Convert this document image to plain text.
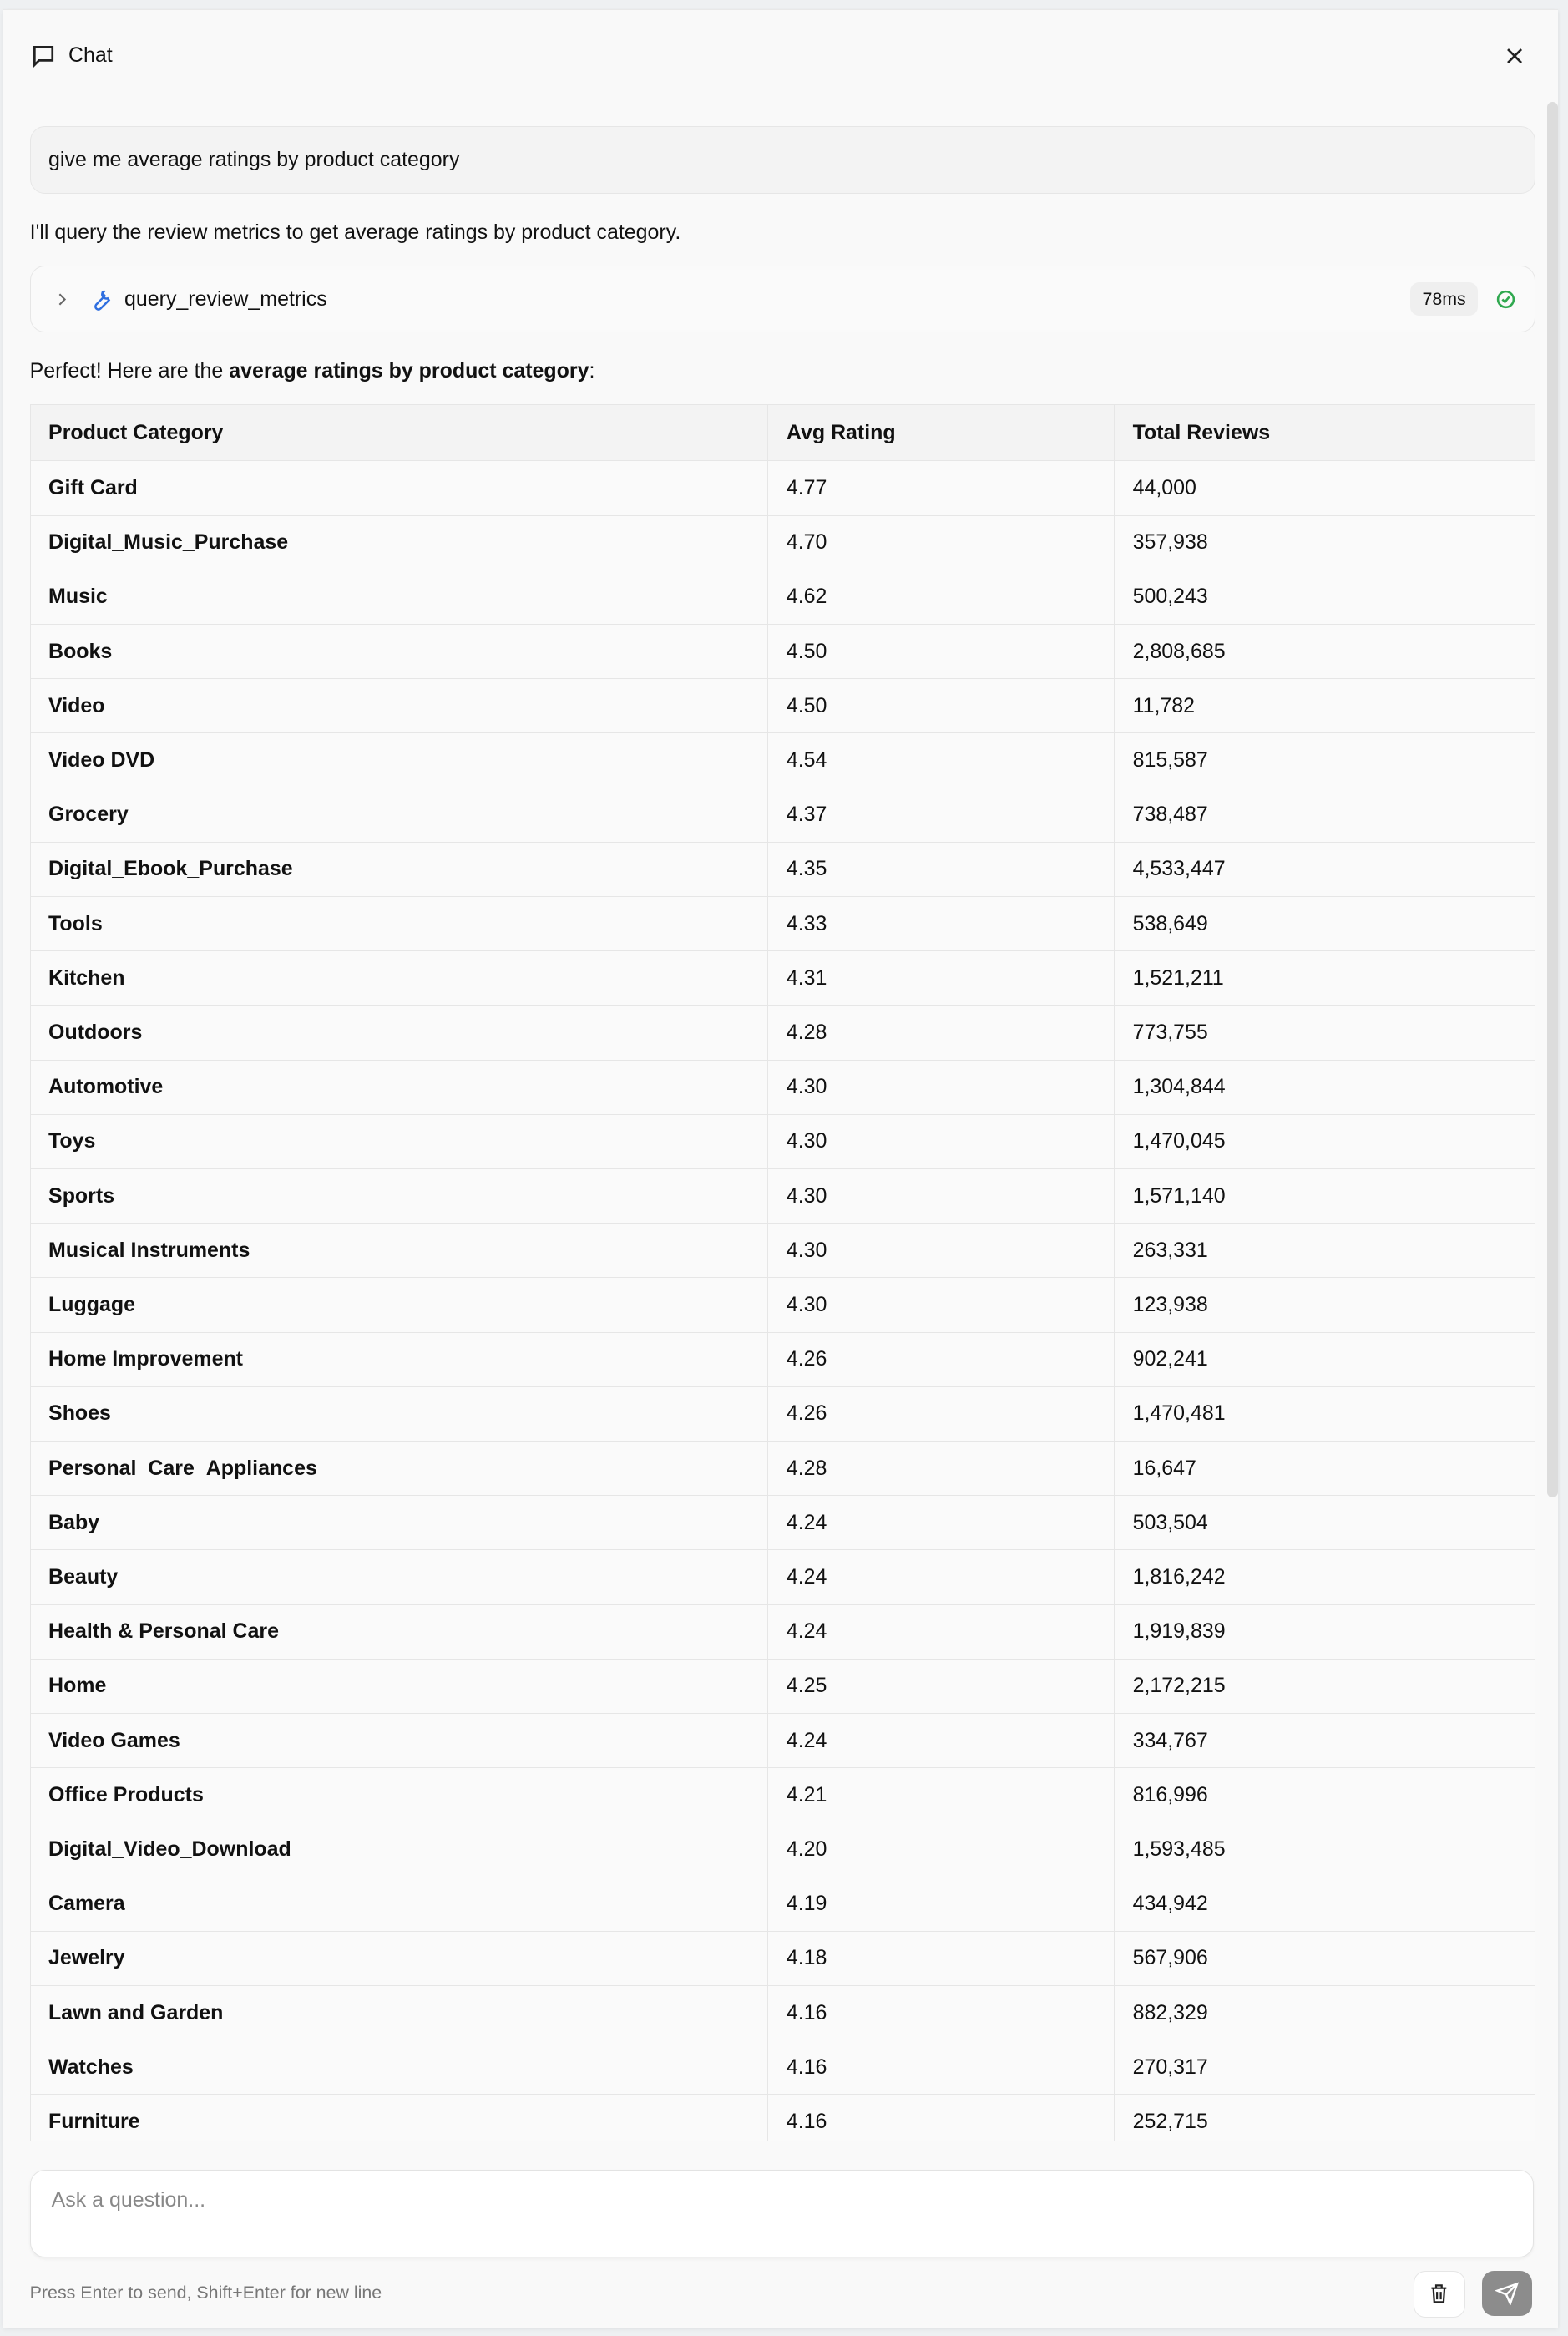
Chat
give me average ratings by product category
I'll query the review metrics to get average ratings by product category.
query_review_metrics	78ms
Perfect! Here are the average ratings by product category:
Product Category	Avg Rating	Total Reviews
Gift Card	4.77	44,000
Digital_Music_Purchase	4.70	357,938
Music	4.62	500,243
Books	4.50	2,808,685
Video	4.50	11,782
Video DVD	4.54	815,587
Grocery	4.37	738,487
Digital_Ebook_Purchase	4.35	4,533,447
Tools	4.33	538,649
Kitchen	4.31	1,521,211
Outdoors	4.28	773,755
Automotive	4.30	1,304,844
Toys	4.30	1,470,045
Sports	4.30	1,571,140
Musical Instruments	4.30	263,331
Luggage	4.30	123,938
Home Improvement	4.26	902,241
Shoes	4.26	1,470,481
Personal_Care_Appliances	4.28	16,647
Baby	4.24	503,504
Beauty	4.24	1,816,242
Health & Personal Care	4.24	1,919,839
Home	4.25	2,172,215
Video Games	4.24	334,767
Office Products	4.21	816,996
Digital_Video_Download	4.20	1,593,485
Camera	4.19	434,942
Jewelry	4.18	567,906
Lawn and Garden	4.16	882,329
Watches	4.16	270,317
Furniture	4.16	252,715
Ask a question...
Press Enter to send, Shift+Enter for new line
